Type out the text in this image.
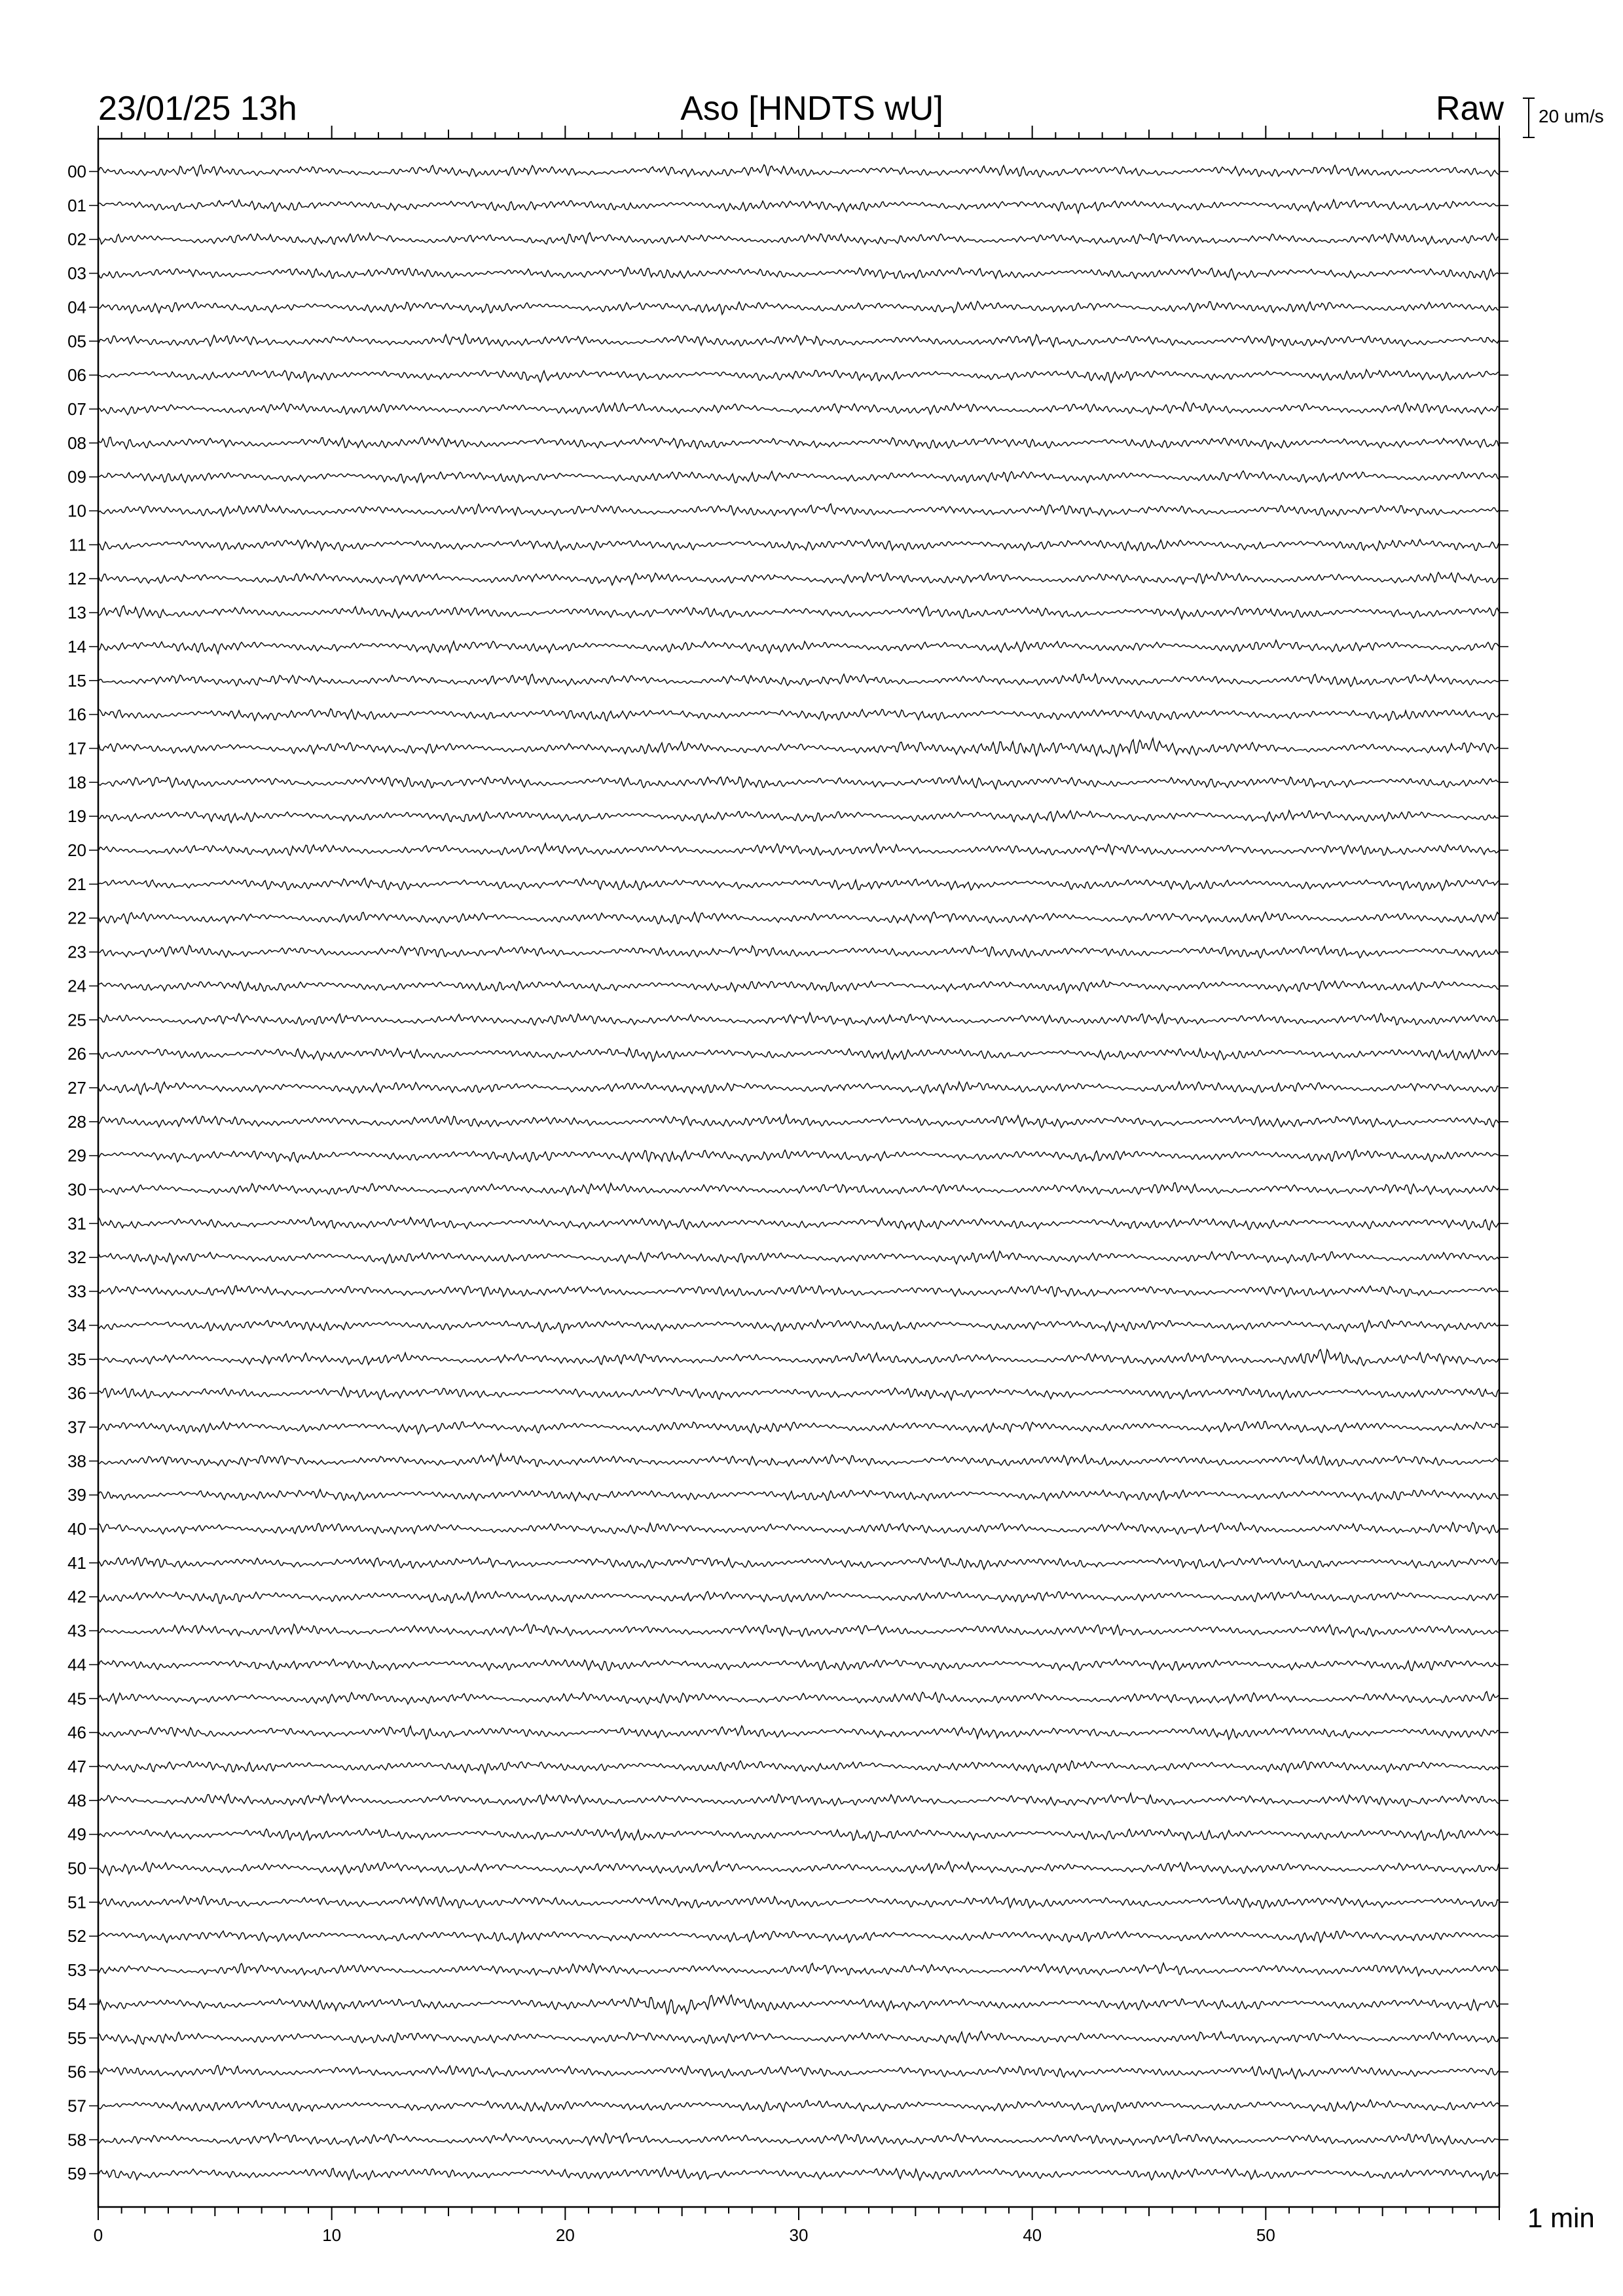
0	10	20	30	40	50
00
01
02
03
04
05
06
07
08
09
10
11
12
13
14
15
16
17
18
19
20
21
22
23
24
25
26
27
28
29
30
31
32
33
34
35
36
37
38
39
40
41
42
43
44
45
46
47
48
49
50
51
52
53
54
55
56
57
58
59
23/01/25 13h	Aso [HNDTS wU]	Raw 20 um/s
1 min
